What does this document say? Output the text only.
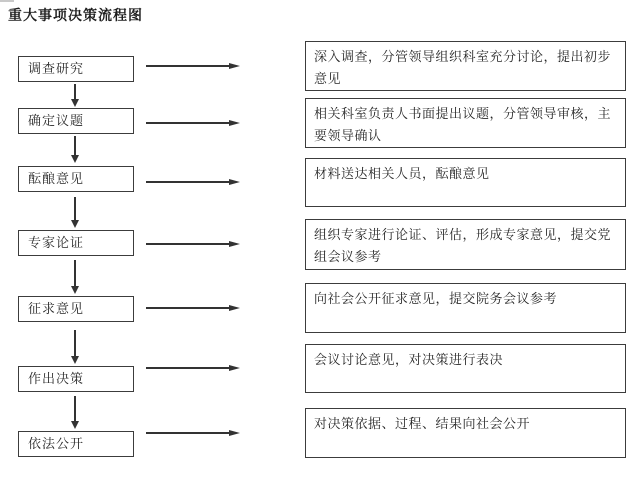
重大事项决策流程图
调查研究
确定议题
酝酿意见
专家论证
征求意见
作出决策
依法公开
深入调查，分管领导组织科室充分讨论，提出初步意见
相关科室负责人书面提出议题，分管领导审核，主要领导确认
材料送达相关人员，酝酿意见
组织专家进行论证、评估，形成专家意见，提交党组会议参考
向社会公开征求意见，提交院务会议参考
会议讨论意见，对决策进行表决
对决策依据、过程、结果向社会公开
